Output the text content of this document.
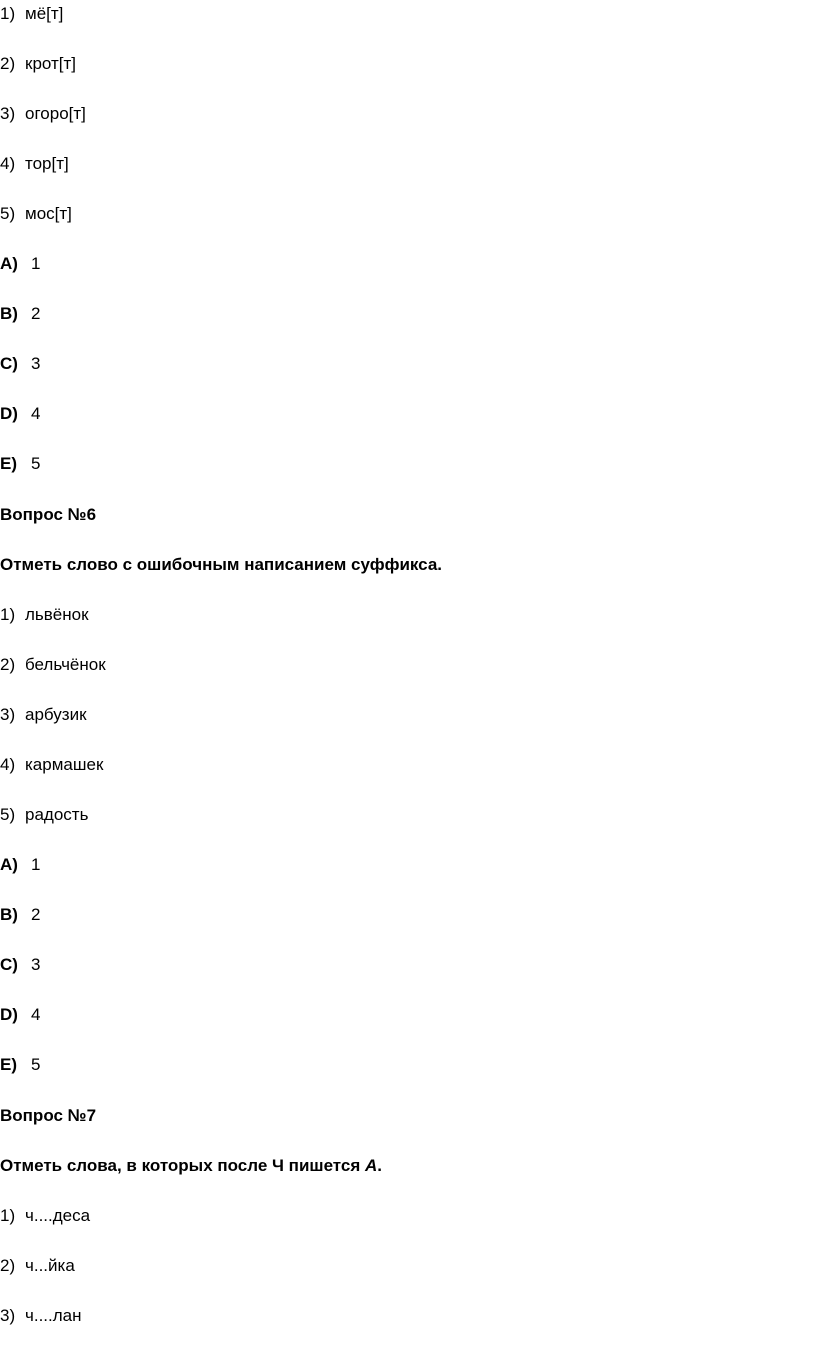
1) мё[т]
2) крот[т]
3) огоро[т]
4) тор[т]
5) мос[т]
A) 1
B) 2
C) 3
D) 4
E) 5
Вопрос №6
Отметь слово с ошибочным написанием суффикса.
1) львёнок
2) бельчёнок
3) арбузик
4) кармашек
5) радость
A) 1
B) 2
C) 3
D) 4
E) 5
Вопрос №7
Отметь слова, в которых после Ч пишется А.
1) ч....деса
2) ч...йка
3) ч....лан
